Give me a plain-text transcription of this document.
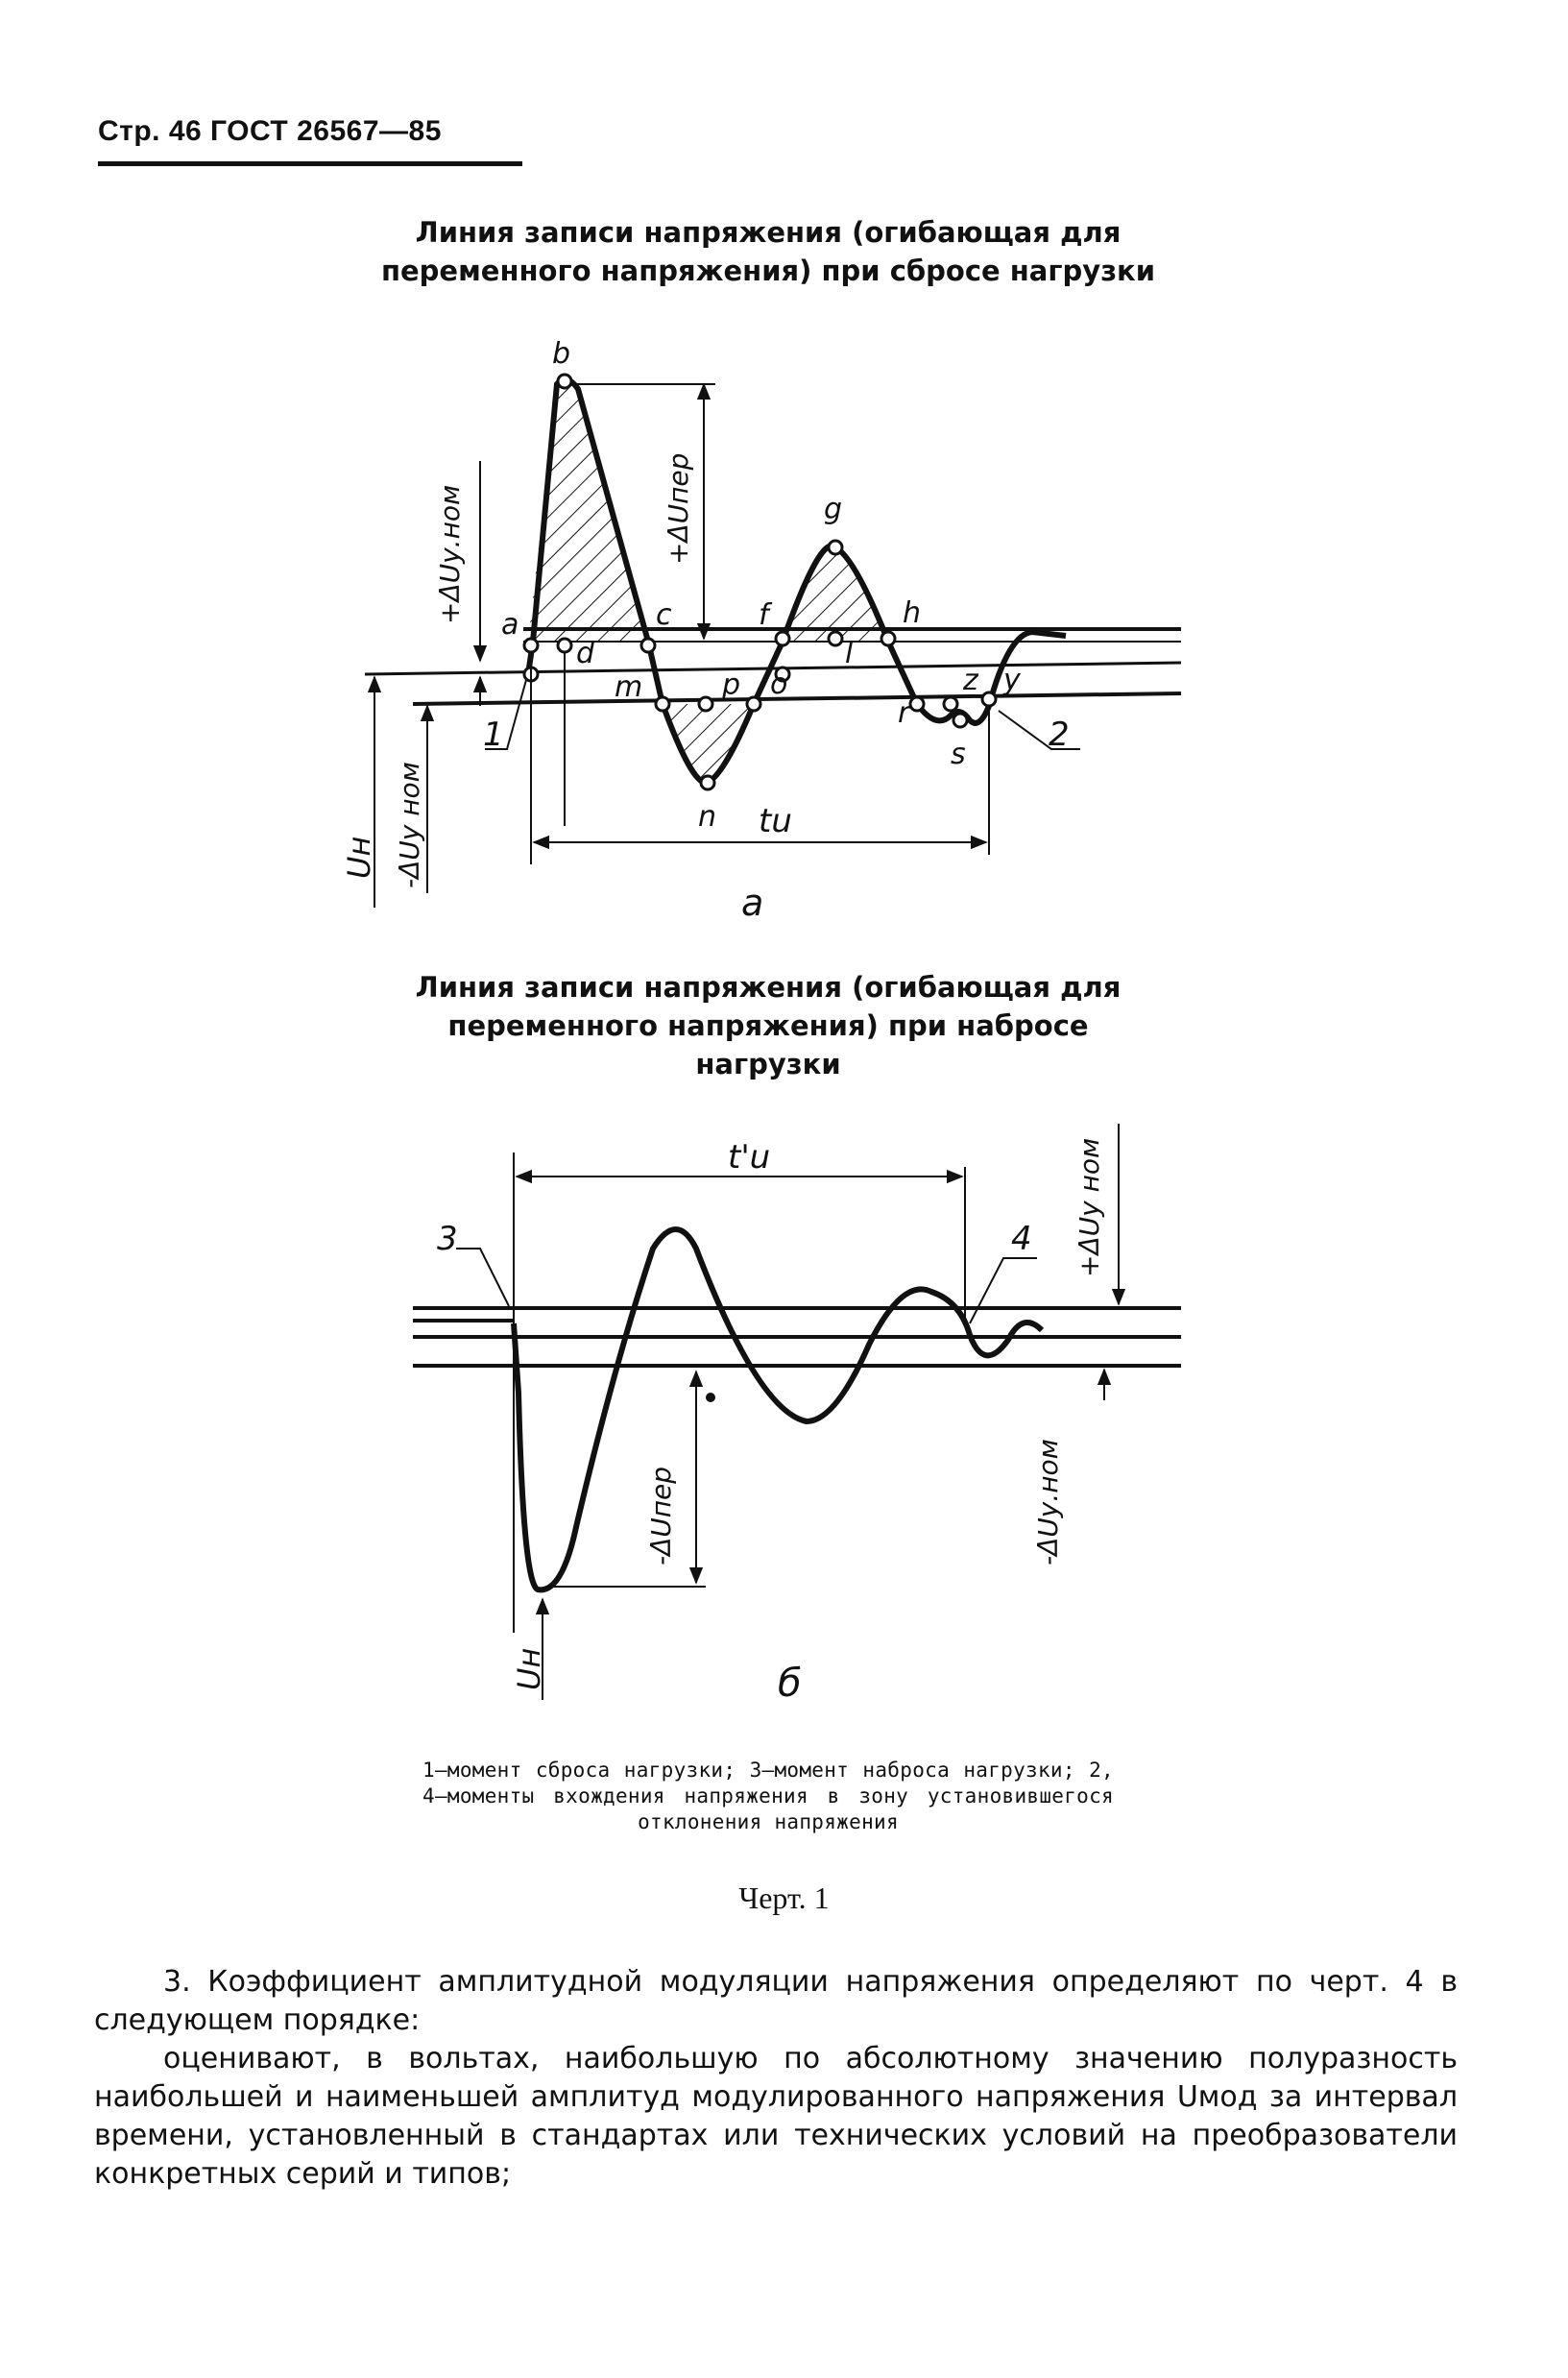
Стр. 46 ГОСТ 26567—85
Линия записи напряжения (огибающая для переменного напряжения) при сбросе нагрузки
b
a
d
c
m	p o
n
f
g
l
h
r
z y
s
+ΔUу.ном	+ΔUпер
Uн -ΔUу ном	tu
1	2
а
Линия записи напряжения (огибающая для переменного напряжения) при набросе нагрузки
t'u	+ΔUу ном
-ΔUпер	-ΔUу.ном
Uн
3	4
б
1—момент сброса нагрузки; 3—момент наброса нагрузки; 2, 4—моменты вхождения напряжения в зону установившегося отклонения напряжения
Черт. 1
3. Коэффициент амплитудной модуляции напряжения определяют по черт. 4 в следующем порядке:
оценивают, в вольтах, наибольшую по абсолютному значению полуразность наибольшей и наименьшей амплитуд модулированного напряжения Uмод за интервал времени, установленный в стандартах или технических условий на преобразователи конкретных серий и типов;
